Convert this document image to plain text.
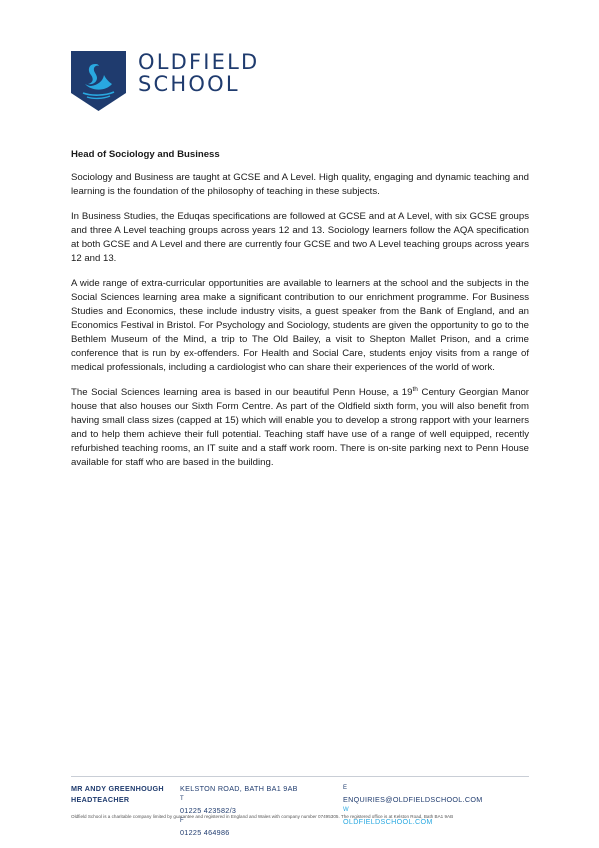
OLDFIELD
SCHOOL
Head of Sociology and Business

Sociology and Business are taught at GCSE and A Level. High quality, engaging and dynamic teaching and learning is the foundation of the philosophy of teaching in these subjects.

In Business Studies, the Eduqas specifications are followed at GCSE and at A Level, with six GCSE groups and three A Level teaching groups across years 12 and 13. Sociology learners follow the AQA specification at both GCSE and A Level and there are currently four GCSE and two A Level teaching groups across years 12 and 13.

A wide range of extra-curricular opportunities are available to learners at the school and the subjects in the Social Sciences learning area make a significant contribution to our enrichment programme. For Business Studies and Economics, these include industry visits, a guest speaker from the Bank of England, and an Economics Festival in Bristol. For Psychology and Sociology, students are given the opportunity to go to the Bethlem Museum of the Mind, a trip to The Old Bailey, a visit to Shepton Mallet Prison, and a crime conference that is run by ex-offenders. For Health and Social Care, students enjoy visits from a range of medical professionals, including a cardiologist who can share their experiences of the world of work.

The Social Sciences learning area is based in our beautiful Penn House, a 19th Century Georgian Manor house that also houses our Sixth Form Centre. As part of the Oldfield sixth form, you will also benefit from having small class sizes (capped at 15) which will enable you to develop a strong rapport with your learners and to help them achieve their full potential. Teaching staff have use of a range of well equipped, recently refurbished teaching rooms, an IT suite and a staff work room. There is on-site parking next to Penn House available for staff who are based in the building.

MR ANDY GREENHOUGH
HEADTEACHER
KELSTON ROAD, BATH BA1 9AB
T
01225 423582/3
F
01225 464986
E
ENQUIRIES@OLDFIELDSCHOOL.COM
W
OLDFIELDSCHOOL.COM
Oldfield School is a charitable company limited by guarantee and registered in England and Wales with company number 07495305. The registered office is at Kelston Road, Bath BA1 9AB
